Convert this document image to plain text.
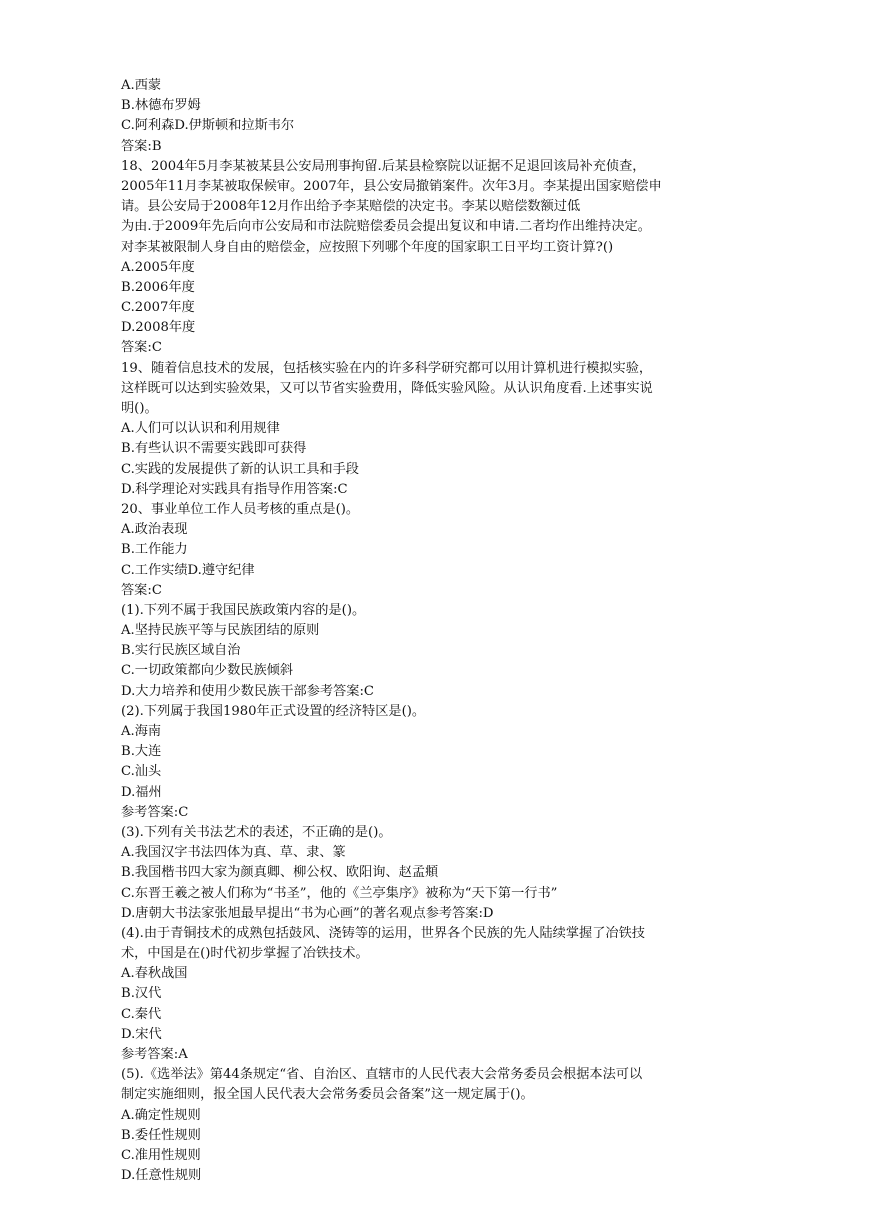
A.西蒙
B.林德布罗姆
C.阿利森D.伊斯顿和拉斯韦尔
答案:B
18、2004年5月李某被某县公安局刑事拘留.后某县检察院以证据不足退回该局补充侦查，
2005年11月李某被取保候审。2007年，县公安局撤销案件。次年3月。李某提出国家赔偿申
请。县公安局于2008年12月作出给予李某赔偿的决定书。李某以赔偿数额过低
为由.于2009年先后向市公安局和市法院赔偿委员会提出复议和申请.二者均作出维持决定。
对李某被限制人身自由的赔偿金，应按照下列哪个年度的国家职工日平均工资计算?()
A.2005年度
B.2006年度
C.2007年度
D.2008年度
答案:C
19、随着信息技术的发展，包括核实验在内的许多科学研究都可以用计算机进行模拟实验，
这样既可以达到实验效果，又可以节省实验费用，降低实验风险。从认识角度看.上述事实说
明()。
A.人们可以认识和利用规律
B.有些认识不需要实践即可获得
C.实践的发展提供了新的认识工具和手段
D.科学理论对实践具有指导作用答案:C
20、事业单位工作人员考核的重点是()。
A.政治表现
B.工作能力
C.工作实绩D.遵守纪律
答案:C
(1).下列不属于我国民族政策内容的是()。
A.坚持民族平等与民族团结的原则
B.实行民族区域自治
C.一切政策都向少数民族倾斜
D.大力培养和使用少数民族干部参考答案:C
(2).下列属于我国1980年正式设置的经济特区是()。
A.海南
B.大连
C.汕头
D.福州
参考答案:C
(3).下列有关书法艺术的表述，不正确的是()。
A.我国汉字书法四体为真、草、隶、篆
B.我国楷书四大家为颜真卿、柳公权、欧阳询、赵孟頫
C.东晋王羲之被人们称为“书圣”，他的《兰亭集序》被称为“天下第一行书”
D.唐朝大书法家张旭最早提出“书为心画”的著名观点参考答案:D
(4).由于青铜技术的成熟包括鼓风、浇铸等的运用，世界各个民族的先人陆续掌握了冶铁技
术，中国是在()时代初步掌握了冶铁技术。
A.春秋战国
B.汉代
C.秦代
D.宋代
参考答案:A
(5).《选举法》第44条规定“省、自治区、直辖市的人民代表大会常务委员会根据本法可以
制定实施细则，报全国人民代表大会常务委员会备案”这一规定属于()。
A.确定性规则
B.委任性规则
C.准用性规则
D.任意性规则
